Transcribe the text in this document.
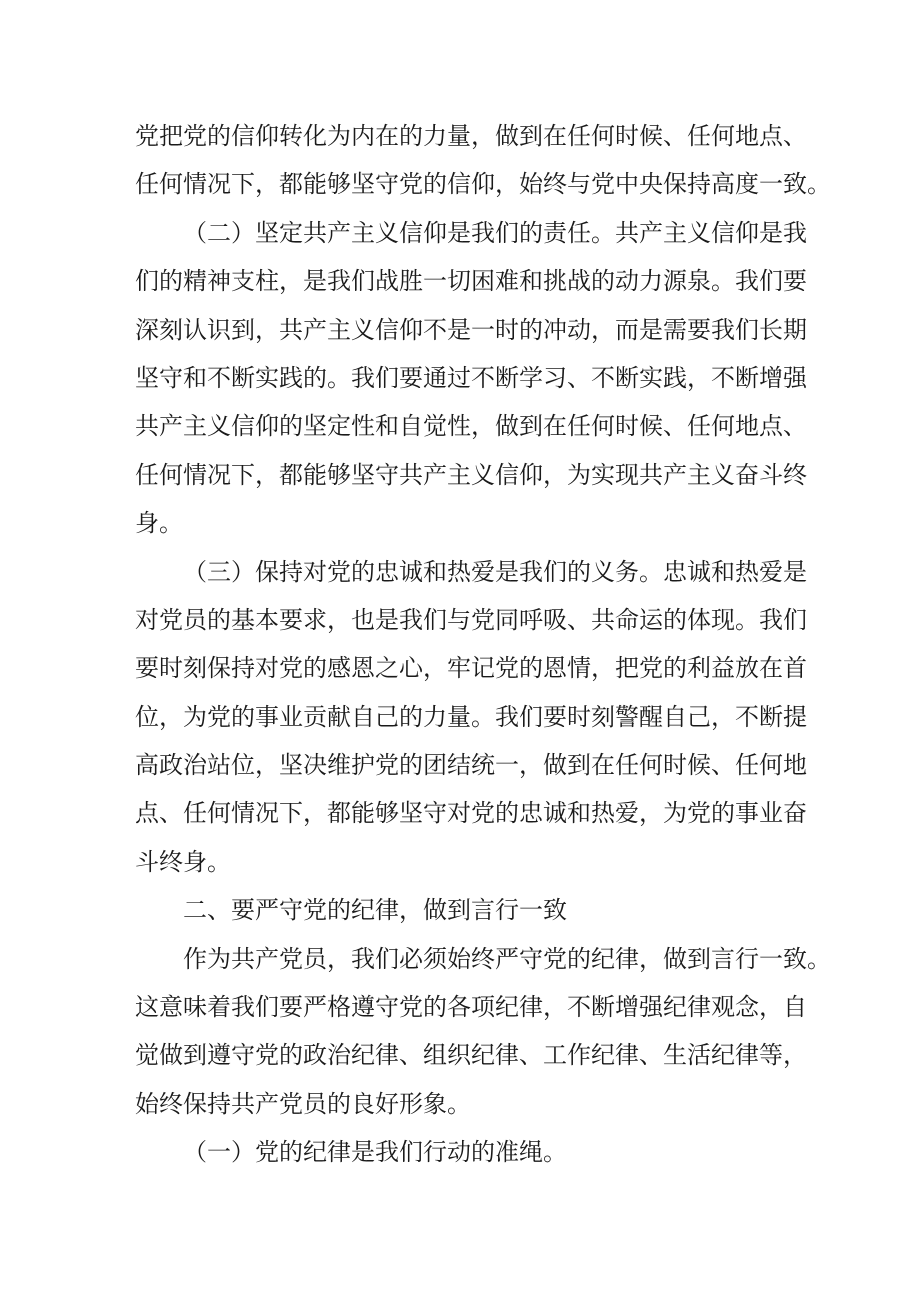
党把党的信仰转化为内在的力量，做到在任何时候、任何地点、
任何情况下，都能够坚守党的信仰，始终与党中央保持高度一致。
（二）坚定共产主义信仰是我们的责任。共产主义信仰是我
们的精神支柱，是我们战胜一切困难和挑战的动力源泉。我们要
深刻认识到，共产主义信仰不是一时的冲动，而是需要我们长期
坚守和不断实践的。我们要通过不断学习、不断实践，不断增强
共产主义信仰的坚定性和自觉性，做到在任何时候、任何地点、
任何情况下，都能够坚守共产主义信仰，为实现共产主义奋斗终
身。
（三）保持对党的忠诚和热爱是我们的义务。忠诚和热爱是
对党员的基本要求，也是我们与党同呼吸、共命运的体现。我们
要时刻保持对党的感恩之心，牢记党的恩情，把党的利益放在首
位，为党的事业贡献自己的力量。我们要时刻警醒自己，不断提
高政治站位，坚决维护党的团结统一，做到在任何时候、任何地
点、任何情况下，都能够坚守对党的忠诚和热爱，为党的事业奋
斗终身。
二、要严守党的纪律，做到言行一致
作为共产党员，我们必须始终严守党的纪律，做到言行一致。
这意味着我们要严格遵守党的各项纪律，不断增强纪律观念，自
觉做到遵守党的政治纪律、组织纪律、工作纪律、生活纪律等，
始终保持共产党员的良好形象。
（一）党的纪律是我们行动的准绳。
